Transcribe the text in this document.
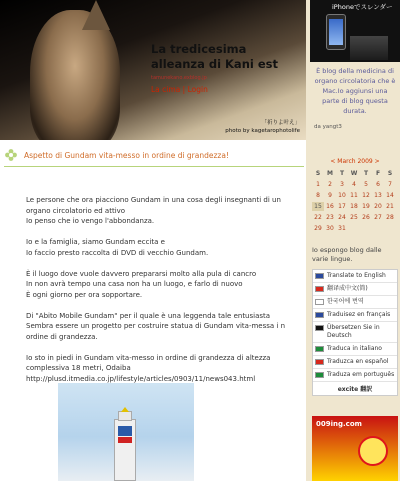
La tredicesima alleanza di Kani est
tamunekano.exblog.jp
La cima | Login
「祈りよ叶え」
photo by kagetarophotolife
iPhoneでスレンダー
È blog della medicina di organo circolatoria che è Mac.Io aggiunsi una parte di blog questa durata.
da yangt3
< March 2009 >
S	M	T	W	T	F	S
1	2	3	4	5	6	7
8	9	10 11 12 13 14
15 16 17 18 19 20 21
22 23 24 25 26 27 28
29 30 31
Io espongo blog dalle varie lingue.
Translate to English
翻译成中文(简)
한국어에 번역
Traduisez en français
Übersetzen Sie in Deutsch
Traduca in italiano
Traduzca en español
Traduza em português
excite 翻訳
009ing.com
Aspetto di Gundam vita-messo in ordine di grandezza!

Le persone che ora piacciono Gundam in una cosa degli insegnanti di un organo circolatorio ed attivo
Io penso che io vengo l'abbondanza.

Io e la famiglia, siamo Gundam eccita e
Io faccio presto raccolta di DVD di vecchio Gundam.

È il luogo dove vuole davvero prepararsi molto alla pula di cancro
In non avrà tempo una casa non ha un luogo, e farlo di nuovo
È ogni giorno per ora sopportare.

Di "Abito Mobile Gundam" per il quale è una leggenda tale entusiasta
Sembra essere un progetto per costruire statua di Gundam vita-messa i n ordine di grandezza.

Io sto in piedi in Gundam vita-messo in ordine di grandezza di altezza complessiva 18 metri, Odaiba
http://plusd.itmedia.co.jp/lifestyle/articles/0903/11/news043.html
